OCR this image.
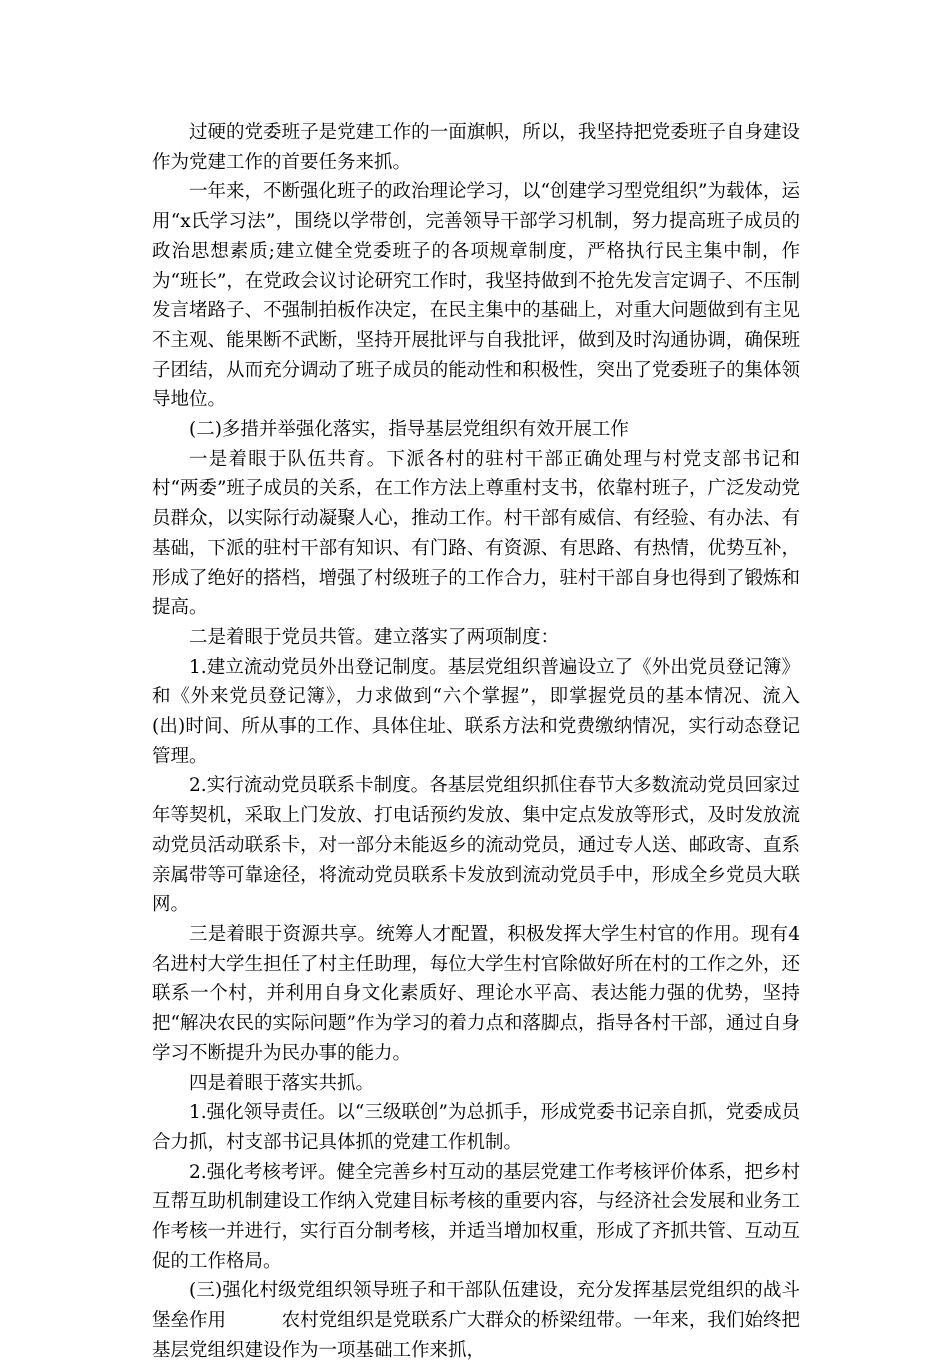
过硬的党委班子是党建工作的一面旗帜，所以，我坚持把党委班子自身建设作为党建工作的首要任务来抓。

一年来，不断强化班子的政治理论学习，以“创建学习型党组织”为载体，运用“x氏学习法”，围绕以学带创，完善领导干部学习机制，努力提高班子成员的政治思想素质;建立健全党委班子的各项规章制度，严格执行民主集中制，作为“班长”，在党政会议讨论研究工作时，我坚持做到不抢先发言定调子、不压制发言堵路子、不强制拍板作决定，在民主集中的基础上，对重大问题做到有主见不主观、能果断不武断，坚持开展批评与自我批评，做到及时沟通协调，确保班子团结，从而充分调动了班子成员的能动性和积极性，突出了党委班子的集体领导地位。

(二)多措并举强化落实，指导基层党组织有效开展工作

一是着眼于队伍共育。下派各村的驻村干部正确处理与村党支部书记和村“两委”班子成员的关系，在工作方法上尊重村支书，依靠村班子，广泛发动党员群众，以实际行动凝聚人心，推动工作。村干部有威信、有经验、有办法、有基础，下派的驻村干部有知识、有门路、有资源、有思路、有热情，优势互补，形成了绝好的搭档，增强了村级班子的工作合力，驻村干部自身也得到了锻炼和提高。

二是着眼于党员共管。建立落实了两项制度：

1.建立流动党员外出登记制度。基层党组织普遍设立了《外出党员登记簿》和《外来党员登记簿》，力求做到“六个掌握”，即掌握党员的基本情况、流入(出)时间、所从事的工作、具体住址、联系方法和党费缴纳情况，实行动态登记管理。

2.实行流动党员联系卡制度。各基层党组织抓住春节大多数流动党员回家过年等契机，采取上门发放、打电话预约发放、集中定点发放等形式，及时发放流动党员活动联系卡，对一部分未能返乡的流动党员，通过专人送、邮政寄、直系亲属带等可靠途径，将流动党员联系卡发放到流动党员手中，形成全乡党员大联网。

三是着眼于资源共享。统筹人才配置，积极发挥大学生村官的作用。现有4名进村大学生担任了村主任助理，每位大学生村官除做好所在村的工作之外，还联系一个村，并利用自身文化素质好、理论水平高、表达能力强的优势，坚持把“解决农民的实际问题”作为学习的着力点和落脚点，指导各村干部，通过自身学习不断提升为民办事的能力。

四是着眼于落实共抓。

1.强化领导责任。以“三级联创”为总抓手，形成党委书记亲自抓，党委成员合力抓，村支部书记具体抓的党建工作机制。

2.强化考核考评。健全完善乡村互动的基层党建工作考核评价体系，把乡村互帮互助机制建设工作纳入党建目标考核的重要内容，与经济社会发展和业务工作考核一并进行，实行百分制考核，并适当增加权重，形成了齐抓共管、互动互促的工作格局。

(三)强化村级党组织领导班子和干部队伍建设，充分发挥基层党组织的战斗堡垒作用　　　农村党组织是党联系广大群众的桥梁纽带。一年来，我们始终把基层党组织建设作为一项基础工作来抓，
